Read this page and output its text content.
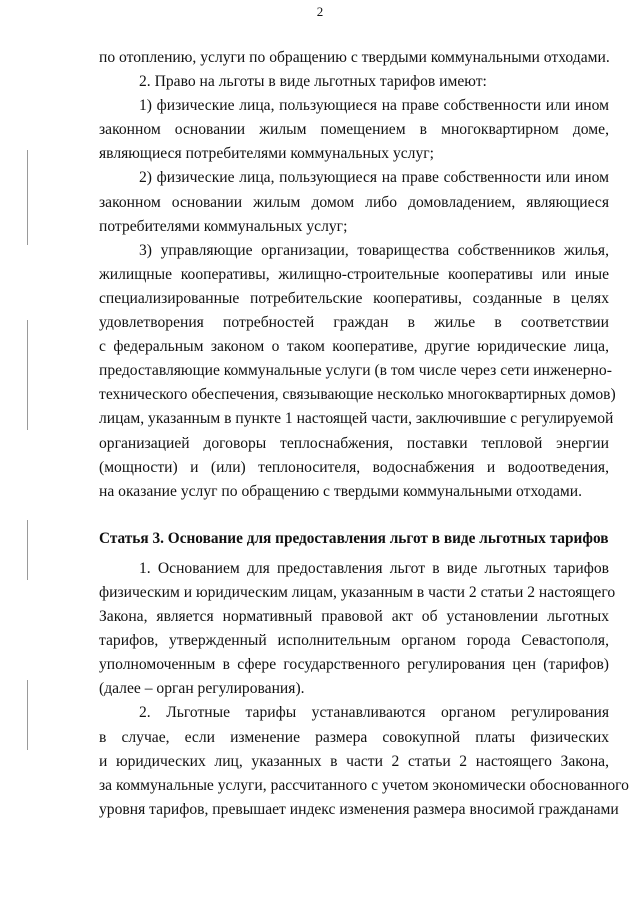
2
по отоплению, услуги по обращению с твердыми коммунальными отходами.
2. Право на льготы в виде льготных тарифов имеют:
1) физические лица, пользующиеся на праве собственности или ином
законном основании жилым помещением в многоквартирном доме,
являющиеся потребителями коммунальных услуг;
2) физические лица, пользующиеся на праве собственности или ином
законном основании жилым домом либо домовладением, являющиеся
потребителями коммунальных услуг;
3) управляющие организации, товарищества собственников жилья,
жилищные кооперативы, жилищно-строительные кооперативы или иные
специализированные потребительские кооперативы, созданные в целях
удовлетворения потребностей граждан в жилье в соответствии
с федеральным законом о таком кооперативе, другие юридические лица,
предоставляющие коммунальные услуги (в том числе через сети инженерно-
технического обеспечения, связывающие несколько многоквартирных домов)
лицам, указанным в пункте 1 настоящей части, заключившие с регулируемой
организацией договоры теплоснабжения, поставки тепловой энергии
(мощности) и (или) теплоносителя, водоснабжения и водоотведения,
на оказание услуг по обращению с твердыми коммунальными отходами.
Статья 3. Основание для предоставления льгот в виде льготных тарифов
1. Основанием для предоставления льгот в виде льготных тарифов
физическим и юридическим лицам, указанным в части 2 статьи 2 настоящего
Закона, является нормативный правовой акт об установлении льготных
тарифов, утвержденный исполнительным органом города Севастополя,
уполномоченным в сфере государственного регулирования цен (тарифов)
(далее – орган регулирования).
2. Льготные тарифы устанавливаются органом регулирования
в случае, если изменение размера совокупной платы физических
и юридических лиц, указанных в части 2 статьи 2 настоящего Закона,
за коммунальные услуги, рассчитанного с учетом экономически обоснованного
уровня тарифов, превышает индекс изменения размера вносимой гражданами
